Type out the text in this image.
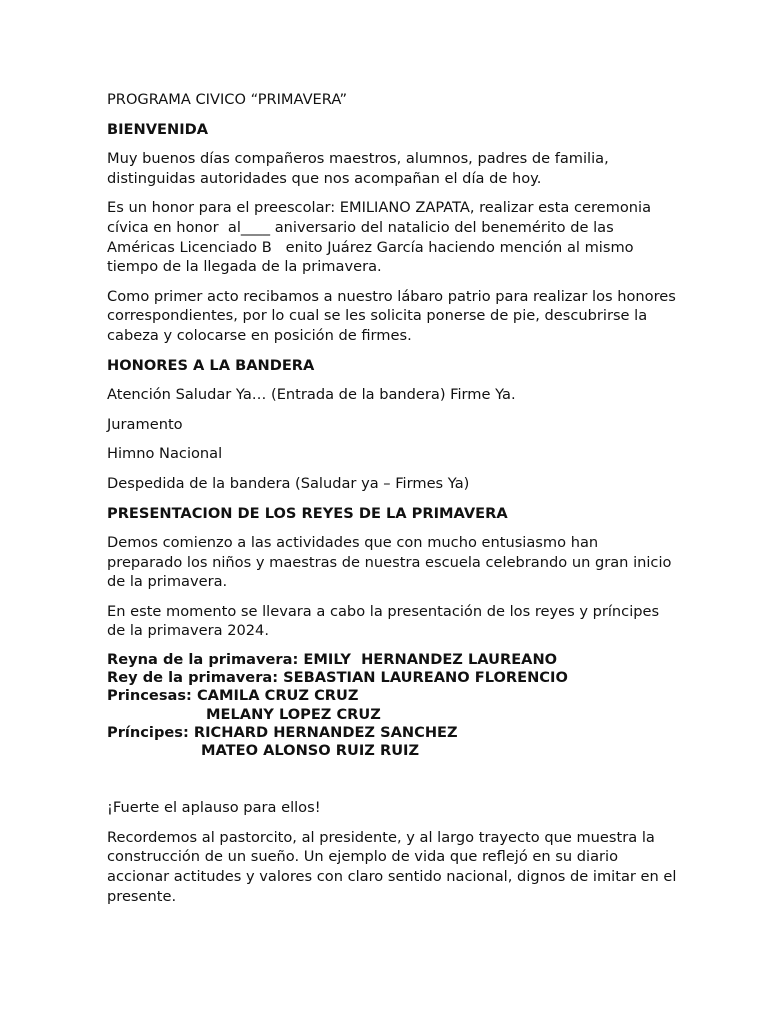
PROGRAMA CIVICO “PRIMAVERA”
BIENVENIDA
Muy buenos días compañeros maestros, alumnos, padres de familia, distinguidas autoridades que nos acompañan el día de hoy.
Es un honor para el preescolar: EMILIANO ZAPATA, realizar esta ceremonia cívica en honor  al____ aniversario del natalicio del benemérito de las Américas Licenciado B   enito Juárez García haciendo mención al mismo tiempo de la llegada de la primavera.
Como primer acto recibamos a nuestro lábaro patrio para realizar los honores correspondientes, por lo cual se les solicita ponerse de pie, descubrirse la cabeza y colocarse en posición de firmes.
HONORES A LA BANDERA
Atención Saludar Ya… (Entrada de la bandera) Firme Ya.
Juramento
Himno Nacional
Despedida de la bandera (Saludar ya – Firmes Ya)
PRESENTACION DE LOS REYES DE LA PRIMAVERA
Demos comienzo a las actividades que con mucho entusiasmo han preparado los niños y maestras de nuestra escuela celebrando un gran inicio de la primavera.
En este momento se llevara a cabo la presentación de los reyes y príncipes de la primavera 2024.
Reyna de la primavera: EMILY  HERNANDEZ LAUREANO
Rey de la primavera: SEBASTIAN LAUREANO FLORENCIO
Princesas: CAMILA CRUZ CRUZ
MELANY LOPEZ CRUZ
Príncipes: RICHARD HERNANDEZ SANCHEZ
MATEO ALONSO RUIZ RUIZ
¡Fuerte el aplauso para ellos!
Recordemos al pastorcito, al presidente, y al largo trayecto que muestra la construcción de un sueño. Un ejemplo de vida que reflejó en su diario accionar actitudes y valores con claro sentido nacional, dignos de imitar en el presente.
